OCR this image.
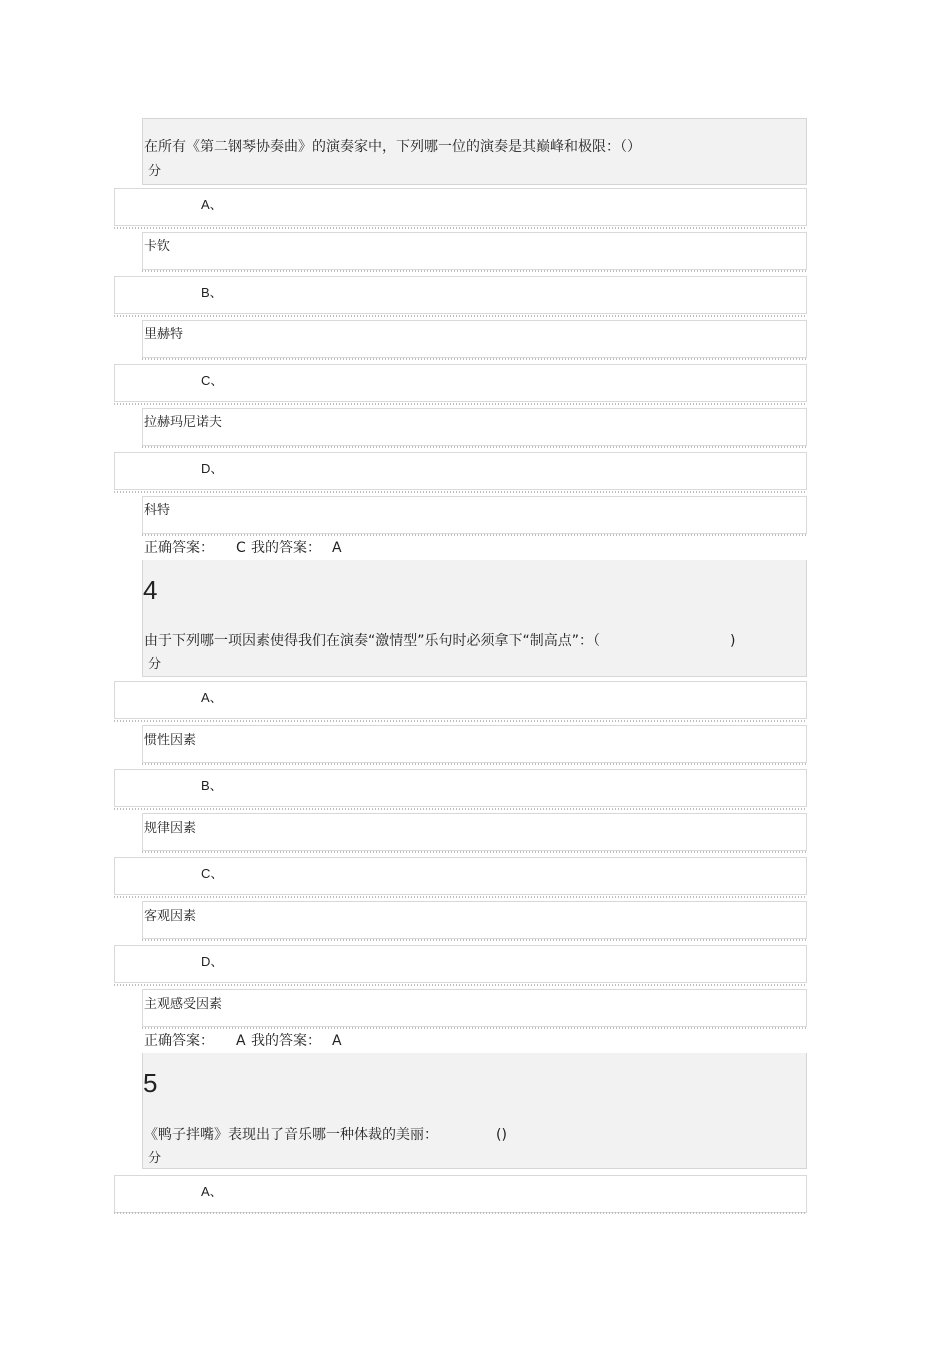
在所有《第二钢琴协奏曲》的演奏家中，下列哪一位的演奏是其巅峰和极限：（）
分
A、
卡钦
B、
里赫特
C、
拉赫玛尼诺夫
D、
科特
正确答案： C 我的答案： A
4
由于下列哪一项因素使得我们在演奏“激情型”乐句时必须拿下“制高点”：（	)
分
A、
惯性因素
B、
规律因素
C、
客观因素
D、
主观感受因素
正确答案： A 我的答案： A
5
《鸭子拌嘴》表现出了音乐哪一种体裁的美丽：	()
分
A、
